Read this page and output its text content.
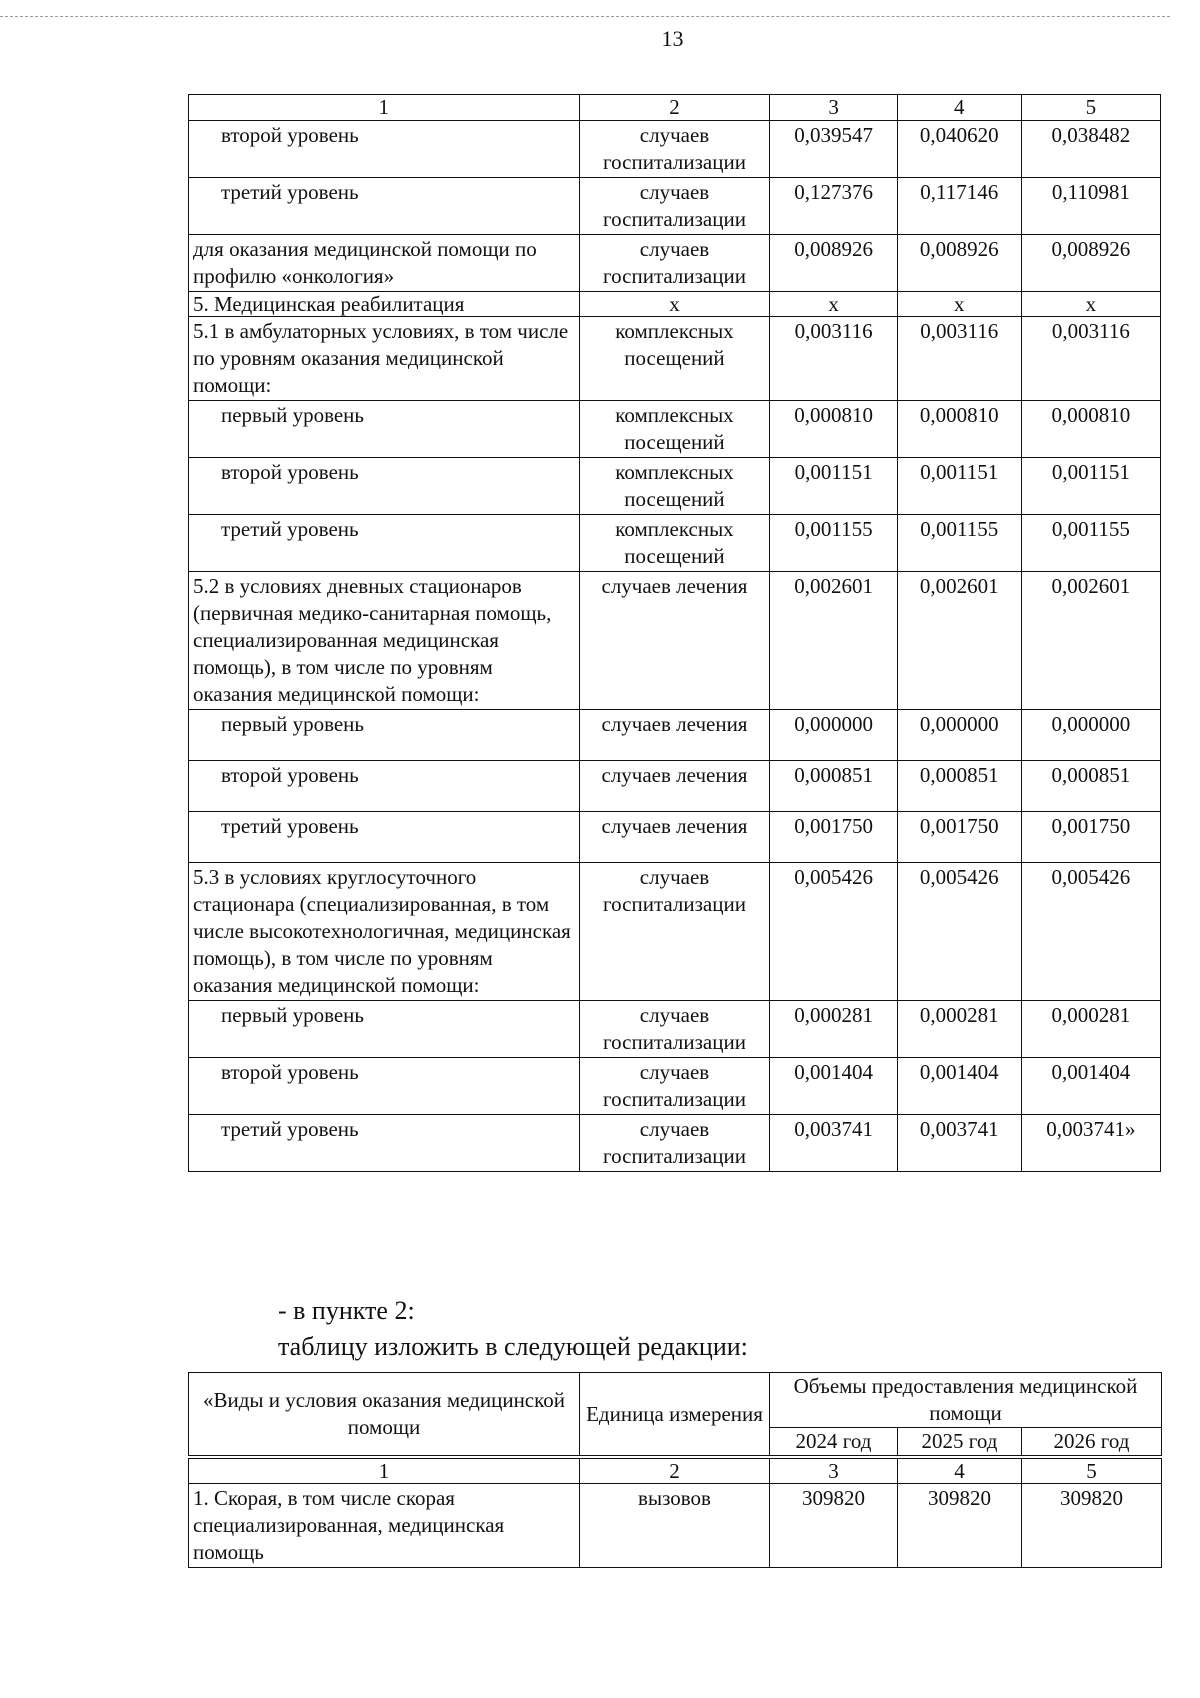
13
1	2	3	4	5
второй уровень	случаев госпитализации	0,039547	0,040620	0,038482
третий уровень	случаев госпитализации	0,127376	0,117146	0,110981
для оказания медицинской помощи по профилю «онкология»	случаев госпитализации	0,008926	0,008926	0,008926
5. Медицинская реабилитация	х	х	х	х
5.1 в амбулаторных условиях, в том числе по уровням оказания медицинской помощи:	комплексных посещений	0,003116	0,003116	0,003116
первый уровень	комплексных посещений	0,000810	0,000810	0,000810
второй уровень	комплексных посещений	0,001151	0,001151	0,001151
третий уровень	комплексных посещений	0,001155	0,001155	0,001155
5.2 в условиях дневных стационаров (первичная медико-санитарная помощь, специализированная медицинская помощь), в том числе по уровням оказания медицинской помощи:	случаев лечения	0,002601	0,002601	0,002601
первый уровень	случаев лечения	0,000000	0,000000	0,000000
второй уровень	случаев лечения	0,000851	0,000851	0,000851
третий уровень	случаев лечения	0,001750	0,001750	0,001750
5.3 в условиях круглосуточного стационара (специализированная, в том числе высокотехнологичная, медицинская помощь), в том числе по уровням оказания медицинской помощи:	случаев госпитализации	0,005426	0,005426	0,005426
первый уровень	случаев госпитализации	0,000281	0,000281	0,000281
второй уровень	случаев госпитализации	0,001404	0,001404	0,001404
третий уровень	случаев госпитализации	0,003741	0,003741	0,003741»
- в пункте 2:
таблицу изложить в следующей редакции:
«Виды и условия оказания медицинской помощи	Единица измерения	Объемы предоставления медицинской помощи		
		2024 год	2025 год	2026 год

1	2	3	4	5
1. Скорая, в том числе скорая специализированная, медицинская помощь	вызовов	309820	309820	309820
